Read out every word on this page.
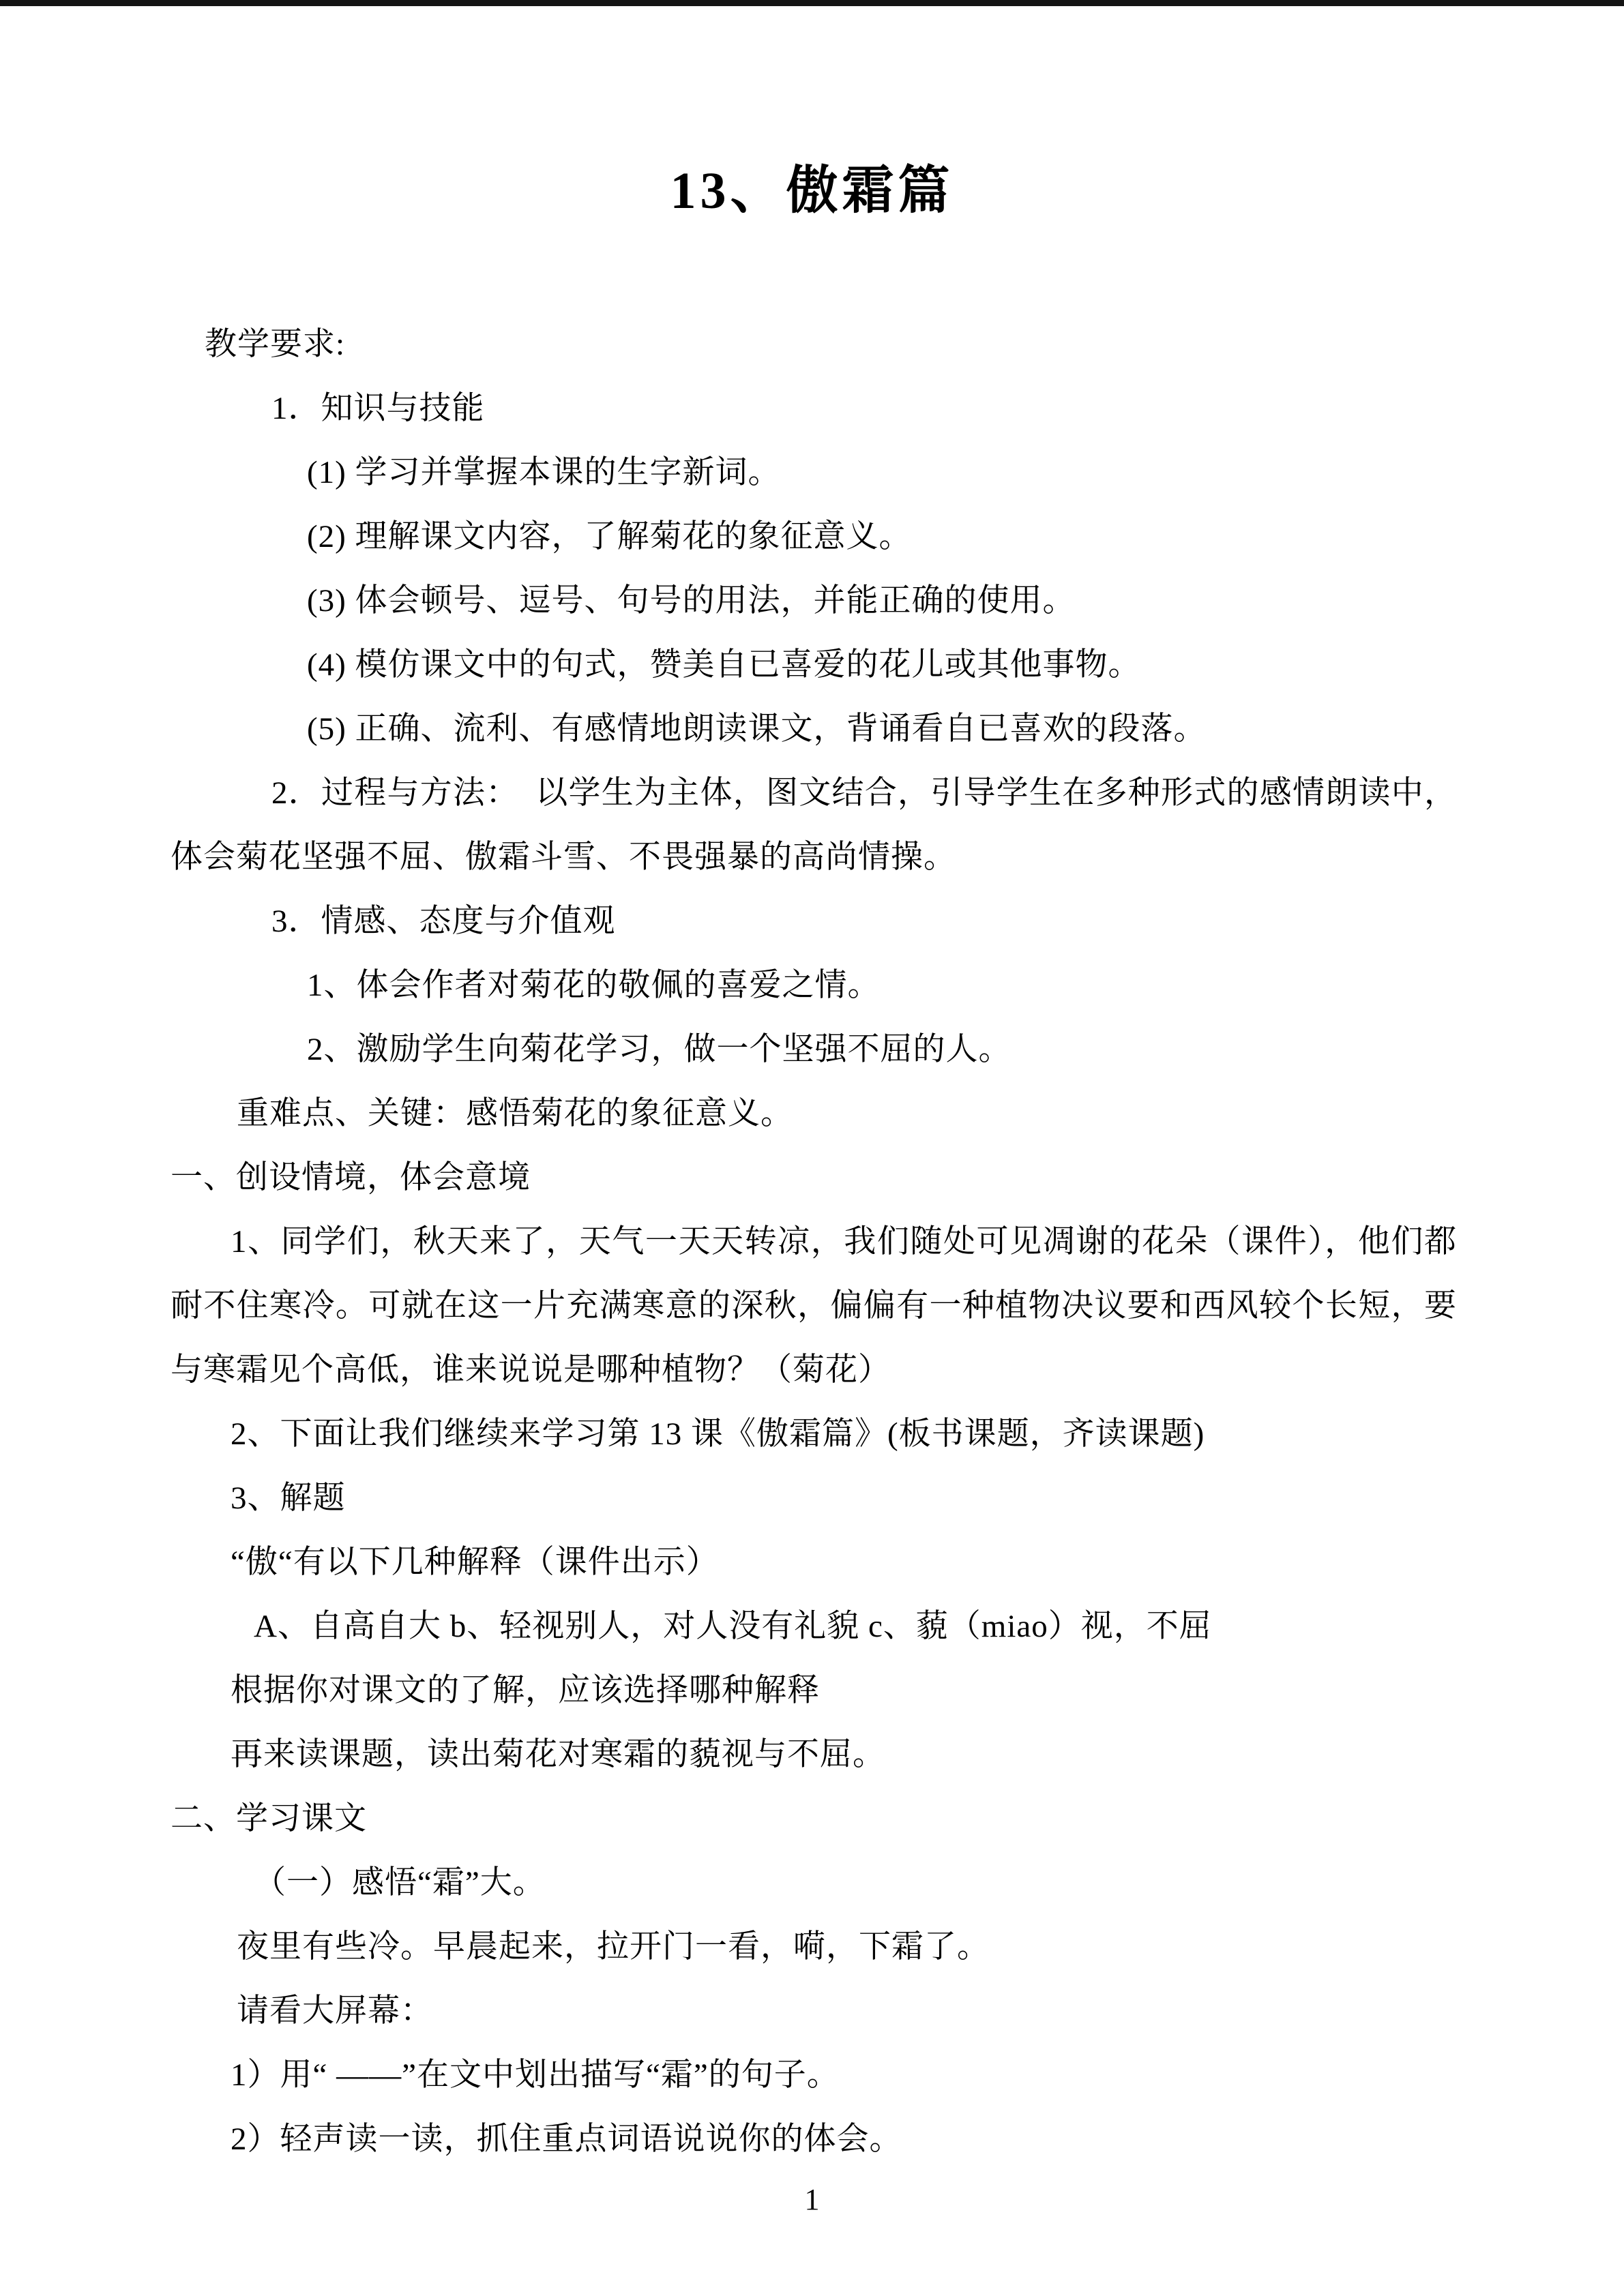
13、傲霜篇
教学要求:
1．知识与技能
(1) 学习并掌握本课的生字新词。
(2) 理解课文内容，了解菊花的象征意义。
(3) 体会顿号、逗号、句号的用法，并能正确的使用。
(4) 模仿课文中的句式，赞美自已喜爱的花儿或其他事物。
(5) 正确、流利、有感情地朗读课文，背诵看自已喜欢的段落。
2．过程与方法：　以学生为主体，图文结合，引导学生在多种形式的感情朗读中，
体会菊花坚强不屈、傲霜斗雪、不畏强暴的高尚情操。
3．情感、态度与介值观
1、体会作者对菊花的敬佩的喜爱之情。
2、激励学生向菊花学习，做一个坚强不屈的人。
重难点、关键：感悟菊花的象征意义。
一、创设情境，体会意境
1、同学们，秋天来了，天气一天天转凉，我们随处可见凋谢的花朵（课件），他们都
耐不住寒冷。可就在这一片充满寒意的深秋，偏偏有一种植物决议要和西风较个长短，要
与寒霜见个高低，谁来说说是哪种植物？（菊花）
2、下面让我们继续来学习第 13 课《傲霜篇》(板书课题，齐读课题)
3、解题
“傲“有以下几种解释（课件出示）
A、自高自大 b、轻视别人，对人没有礼貌 c、藐（miao）视，不屈
根据你对课文的了解，应该选择哪种解释
再来读课题，读出菊花对寒霜的藐视与不屈。
二、学习课文
（一）感悟“霜”大。
夜里有些冷。早晨起来，拉开门一看，嗬，下霜了。
请看大屏幕：
1）用“ ——”在文中划出描写“霜”的句子。
2）轻声读一读，抓住重点词语说说你的体会。
1
